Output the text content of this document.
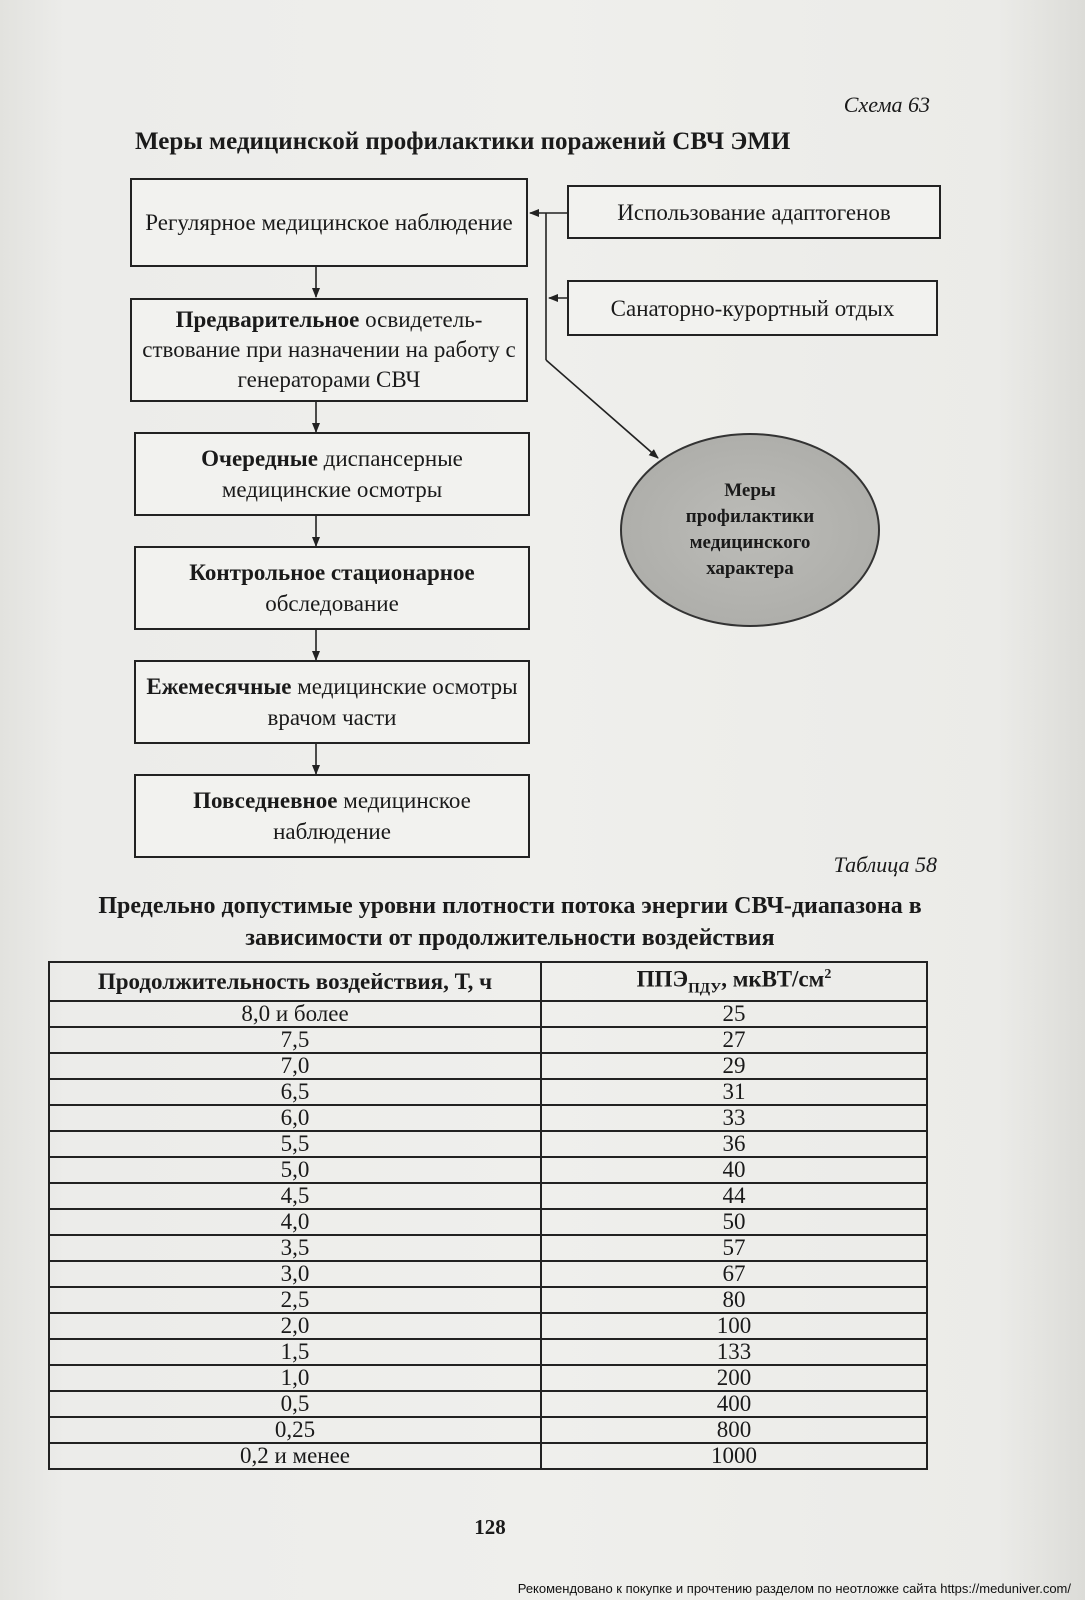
Схема 63
Меры медицинской профилактики поражений СВЧ ЭМИ
Регулярное медицинское наблюдение
Предварительное освидетель-ствование при назначении на работу с генераторами СВЧ
Очередные диспансерные медицинские осмотры
Контрольное стационарное обследование
Ежемесячные медицинские осмотры врачом части
Повседневное медицинское наблюдение
Использование адаптогенов
Санаторно-курортный отдых
Меры профилактики медицинского характера
Таблица 58
Предельно допустимые уровни плотности потока энергии СВЧ-диапазона в зависимости от продолжительности воздействия
Продолжительность воздействия, Т, ч	$ППЭ_{ПДУ}$, мкВТ/$см^2$
8,0 и более	25
7,5	27
7,0	29
6,5	31
6,0	33
5,5	36
5,0	40
4,5	44
4,0	50
3,5	57
3,0	67
2,5	80
2,0	100
1,5	133
1,0	200
0,5	400
0,25	800
0,2 и менее	1000
128
Рекомендовано к покупке и прочтению разделом по неотложке сайта https://meduniver.com/
